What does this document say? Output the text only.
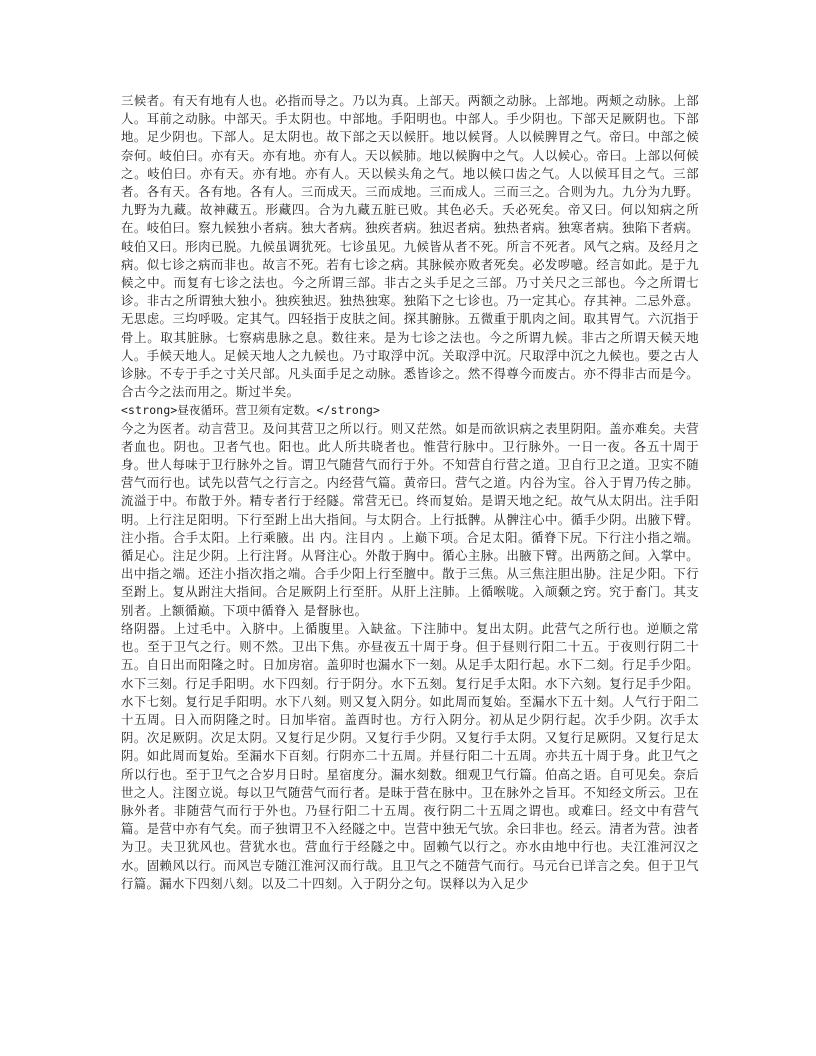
三候者。有天有地有人也。必指而导之。乃以为真。上部天。两额之动脉。上部地。两颊之动脉。上部人。耳前之动脉。中部天。手太阴也。中部地。手阳明也。中部人。手少阴也。下部天足厥阴也。下部地。足少阴也。下部人。足太阴也。故下部之天以候肝。地以候肾。人以候脾胃之气。帝曰。中部之候奈何。岐伯曰。亦有天。亦有地。亦有人。天以候肺。地以候胸中之气。人以候心。帝曰。上部以何候之。岐伯曰。亦有天。亦有地。亦有人。天以候头角之气。地以候口齿之气。人以候耳目之气。三部者。各有天。各有地。各有人。三而成天。三而成地。三而成人。三而三之。合则为九。九分为九野。九野为九藏。故神藏五。形藏四。合为九藏五脏已败。其色必夭。夭必死矣。帝又曰。何以知病之所在。岐伯曰。察九候独小者病。独大者病。独疾者病。独迟者病。独热者病。独寒者病。独陷下者病。岐伯又曰。形肉已脱。九候虽调犹死。七诊虽见。九候皆从者不死。所言不死者。风气之病。及经月之病。似七诊之病而非也。故言不死。若有七诊之病。其脉候亦败者死矣。必发哕噫。经言如此。是于九候之中。而复有七诊之法也。今之所谓三部。非古之头手足之三部。乃寸关尺之三部也。今之所谓七诊。非古之所谓独大独小。独疾独迟。独热独寒。独陷下之七诊也。乃一定其心。存其神。二忌外意。无思虑。三均呼吸。定其气。四轻指于皮肤之间。探其腑脉。五微重于肌肉之间。取其胃气。六沉指于骨上。取其脏脉。七察病患脉之息。数往来。是为七诊之法也。今之所谓九候。非古之所谓天候天地人。手候天地人。足候天地人之九候也。乃寸取浮中沉。关取浮中沉。尺取浮中沉之九候也。要之古人诊脉。不专于手之寸关尺部。凡头面手足之动脉。悉皆诊之。然不得尊今而废古。亦不得非古而是今。合古今之法而用之。斯过半矣。

<strong>昼夜循环。营卫须有定数。</strong>

今之为医者。动言营卫。及问其营卫之所以行。则又茫然。如是而欲识病之表里阴阳。盖亦难矣。夫营者血也。阴也。卫者气也。阳也。此人所共晓者也。惟营行脉中。卫行脉外。一日一夜。各五十周于身。世人每味于卫行脉外之旨。谓卫气随营气而行于外。不知营自行营之道。卫自行卫之道。卫实不随营气而行也。试先以营气之行言之。内经营气篇。黄帝曰。营气之道。内谷为宝。谷入于胃乃传之肺。流溢于中。布散于外。精专者行于经隧。常营无已。终而复始。是谓天地之纪。故气从太阴出。注手阳明。上行注足阳明。下行至跗上出大指间。与太阴合。上行抵髀。从髀注心中。循手少阴。出腋下臂。注小指。合手太阳。上行乘腋。出 内。注目内 。上巅下项。合足太阳。循脊下尻。下行注小指之端。循足心。注足少阴。上行注肾。从肾注心。外散于胸中。循心主脉。出腋下臂。出两筋之间。入掌中。出中指之端。还注小指次指之端。合手少阳上行至膻中。散于三焦。从三焦注胆出胁。注足少阳。下行至跗上。复从跗注大指间。合足厥阴上行至肝。从肝上注肺。上循喉咙。入颃颡之窍。究于畜门。其支别者。上额循巅。下项中循脊入 是督脉也。

络阴器。上过毛中。入脐中。上循腹里。入缺盆。下注肺中。复出太阴。此营气之所行也。逆顺之常也。至于卫气之行。则不然。卫出下焦。亦昼夜五十周于身。但于昼则行阳二十五。于夜则行阴二十五。自日出而阳隆之时。日加房宿。盖卯时也漏水下一刻。从足手太阳行起。水下二刻。行足手少阳。水下三刻。行足手阳明。水下四刻。行于阴分。水下五刻。复行足手太阳。水下六刻。复行足手少阳。水下七刻。复行足手阳明。水下八刻。则又复入阴分。如此周而复始。至漏水下五十刻。人气行于阳二十五周。日入而阴隆之时。日加毕宿。盖酉时也。方行入阴分。初从足少阴行起。次手少阴。次手太阴。次足厥阴。次足太阴。又复行足少阴。又复行手少阴。又复行手太阴。又复行足厥阴。又复行足太阴。如此周而复始。至漏水下百刻。行阴亦二十五周。并昼行阳二十五周。亦共五十周于身。此卫气之所以行也。至于卫气之合岁月日时。星宿度分。漏水刻数。细观卫气行篇。伯高之语。自可见矣。奈后世之人。注图立说。每以卫气随营气而行者。是昧于营在脉中。卫在脉外之旨耳。不知经文所云。卫在脉外者。非随营气而行于外也。乃昼行阳二十五周。夜行阴二十五周之谓也。或难曰。经文中有营气篇。是营中亦有气矣。而子独谓卫不入经隧之中。岂营中独无气欤。余曰非也。经云。清者为营。浊者为卫。夫卫犹风也。营犹水也。营血行于经隧之中。固赖气以行之。亦水由地中行也。夫江淮河汉之水。固赖风以行。而风岂专随江淮河汉而行哉。且卫气之不随营气而行。马元台已详言之矣。但于卫气行篇。漏水下四刻八刻。以及二十四刻。入于阴分之句。误释以为入足少
